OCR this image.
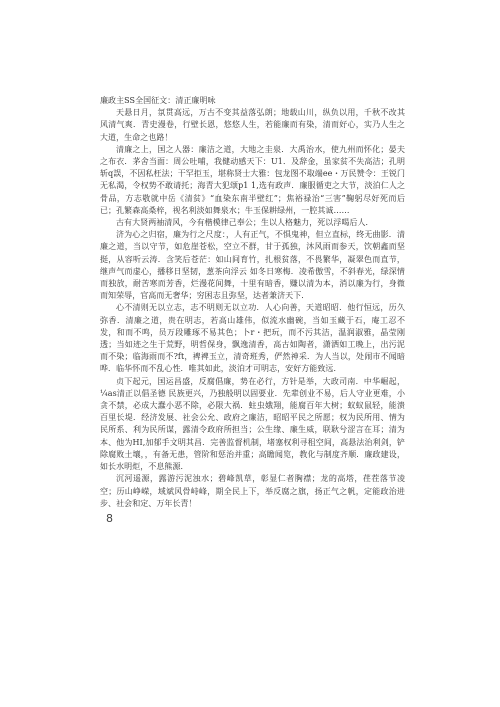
廉政主SS全国征文：清正廉明咏

天悬日月，氛贯高远，万古不变其益落弘朗；地载山川，纵负以用，千秋不改其风清气爽．青史漫卷，行壁长恩，悠悠人生，若能廉而有染，清而好心，实乃人生之大道，生命之也路！

清廉之上，国之人器：廉洁之道，大地之圭泉．大禹治水，使九州而怀化；晏夫之布衣．茅舍当面：周公吐哺，我健动感天下：U1．及辞金，虽家贫不失高洁；孔明斩q誤，不因私枉法；干罕拒玉，堪称贤士大雅：包龙图不取端ee・万民赞令：王锐门无私渴，令权势不敢请托；海青大犯颂p1 1,选有政声．廉服循吏之大节，淡泊仁人之骨品，方志敬就中岳《清贫》“血染东南半壁红”；焦裕禄治“三害”鞠躬尽好死而后已；孔繁森高桑梓，视名利淡如舞泉水；牛玉保耕绿州，一腔其诚……

古有大贤两袖清风，今有楷模律己奉公；生以人格魅力，死以浮喝后人．

济为心之归宿，廉为行之尺度：，人有正气，不惧鬼神，但立直标，终无曲影．清廉之道，当以守节，如危崖苍松，空立不群，甘于孤独，沐风雨而参天，饮朝鑫而坚挺，从容听云涛．含笑后苍茫：如山间育竹，扎根贫落，不畏繁华，凝翠色而直节，继声气而虚心，播移日坚韧，葱茶向浮云 如冬日寒梅．凌希傲雪，不斜春光，绿深情而独放，耐苦寒而芳香，烂漫花间舞，十里有暗香，赚以清为本，消以廉为行，身微而知荣辱，官高而无奢华；穷困志且弥坚，达者兼济天下．

心不清则无以立志，志不明则无以立功．人心向善，天道昭昭．他行恒远，历久弥香．清廉之道，贵在明志，若高山雄伟，似流水幽碗，当如玉藏于石，庵工忍不发，和而不鸣，员万段雕琢不易其色；卜r・把玩，而不污其洁，温润淑雅，晶莹刚透；当如迹之生于荒野，明哲保身，飘逸清香，高古如陶者，潇洒如工晚上，出污泥而不染；临海雨而不?ft，裨裨玉立，清奇班秀，俨然神采．为人当以，处闹市不闻暗哗．临华怀而不乱心性．唯其如此，淡泊才可明志，安好方能致远．

贞下起元，国运昌盛，反腐倡廉，势在必行，方针是举，大政司南．中华崛起，¼as清正以倡圣德 民族更兴，乃独般明以固要业．先辈创业不易，后人守业更难，小贪不禁，必成大蠢小恶不除，必限大祸．蛀虫娥翔，能腐百年大树；蚁蚁鼠轻，能溃百里长堤．经济发展、社会公允、政府之廉洁，昭昭平民之所愿；权为民所用、情为民所系、利为民所谋，露清令政府所担当；公生缘、廉生威，联耿兮涩言在耳；清为本、他为HI,加郁手文明其昌．完善监督机制，堵塞权利寻租空间，高悬法治利剑，铲除腐败土壤，，有备无患，管阶和惩治并重；高瞻闻览，教化与制度齐顺．廉政建设，如长水明炬，不息熊源．

沉河遥源，露游污泥浊水；碧峰凯草，彰显仁者胸襟；龙的高塔，荏茬落节凌空；历山峥嵘，域斌风骨峙峰，期全民上下，举反腐之旗，扬正气之帆，定能政治进步、社会和定、万年长青！

8
